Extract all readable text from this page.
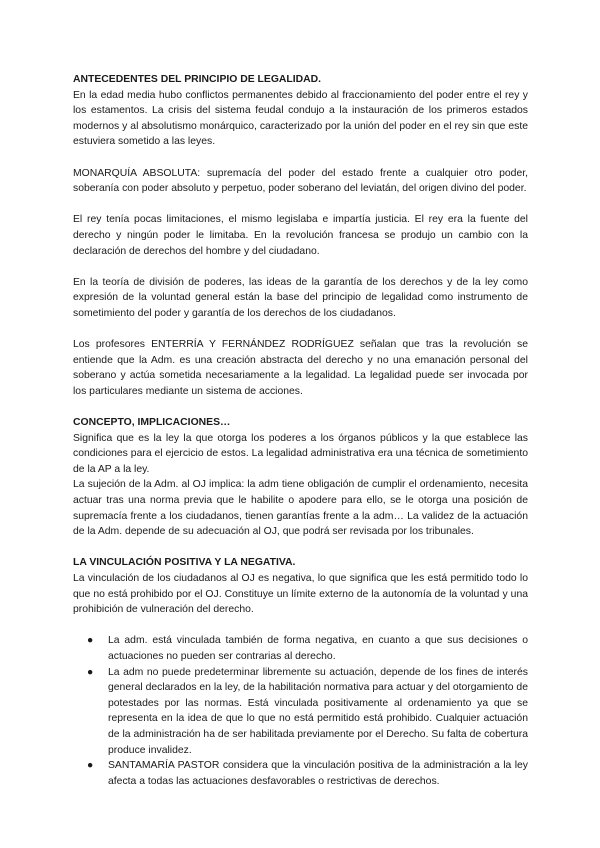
ANTECEDENTES DEL PRINCIPIO DE LEGALIDAD.

En la edad media hubo conflictos permanentes debido al fraccionamiento del poder entre el rey y los estamentos. La crisis del sistema feudal condujo a la instauración de los primeros estados modernos y al absolutismo monárquico, caracterizado por la unión del poder en el rey sin que este estuviera sometido a las leyes.

MONARQUÍA ABSOLUTA: supremacía del poder del estado frente a cualquier otro poder, soberanía con poder absoluto y perpetuo, poder soberano del leviatán, del origen divino del poder.

El rey tenía pocas limitaciones, el mismo legislaba e impartía justicia. El rey era la fuente del derecho y ningún poder le limitaba. En la revolución francesa se produjo un cambio con la declaración de derechos del hombre y del ciudadano.

En la teoría de división de poderes, las ideas de la garantía de los derechos y de la ley como expresión de la voluntad general están la base del principio de legalidad como instrumento de sometimiento del poder y garantía de los derechos de los ciudadanos.

Los profesores ENTERRÍA Y FERNÁNDEZ RODRÍGUEZ señalan que tras la revolución se entiende que la Adm. es una creación abstracta del derecho y no una emanación personal del soberano y actúa sometida necesariamente a la legalidad. La legalidad puede ser invocada por los particulares mediante un sistema de acciones.

CONCEPTO, IMPLICACIONES…

Significa que es la ley la que otorga los poderes a los órganos públicos y la que establece las condiciones para el ejercicio de estos. La legalidad administrativa era una técnica de sometimiento de la AP a la ley.

La sujeción de la Adm. al OJ implica: la adm tiene obligación de cumplir el ordenamiento, necesita actuar tras una norma previa que le habilite o apodere para ello, se le otorga una posición de supremacía frente a los ciudadanos, tienen garantías frente a la adm… La validez de la actuación de la Adm. depende de su adecuación al OJ, que podrá ser revisada por los tribunales.

LA VINCULACIÓN POSITIVA Y LA NEGATIVA.

La vinculación de los ciudadanos al OJ es negativa, lo que significa que les está permitido todo lo que no está prohibido por el OJ. Constituye un límite externo de la autonomía de la voluntad y una prohibición de vulneración del derecho.

● La adm. está vinculada también de forma negativa, en cuanto a que sus decisiones o actuaciones no pueden ser contrarias al derecho.
● La adm no puede predeterminar libremente su actuación, depende de los fines de interés general declarados en la ley, de la habilitación normativa para actuar y del otorgamiento de potestades por las normas. Está vinculada positivamente al ordenamiento ya que se representa en la idea de que lo que no está permitido está prohibido. Cualquier actuación de la administración ha de ser habilitada previamente por el Derecho. Su falta de cobertura produce invalidez.
● SANTAMARÍA PASTOR considera que la vinculación positiva de la administración a la ley afecta a todas las actuaciones desfavorables o restrictivas de derechos.
